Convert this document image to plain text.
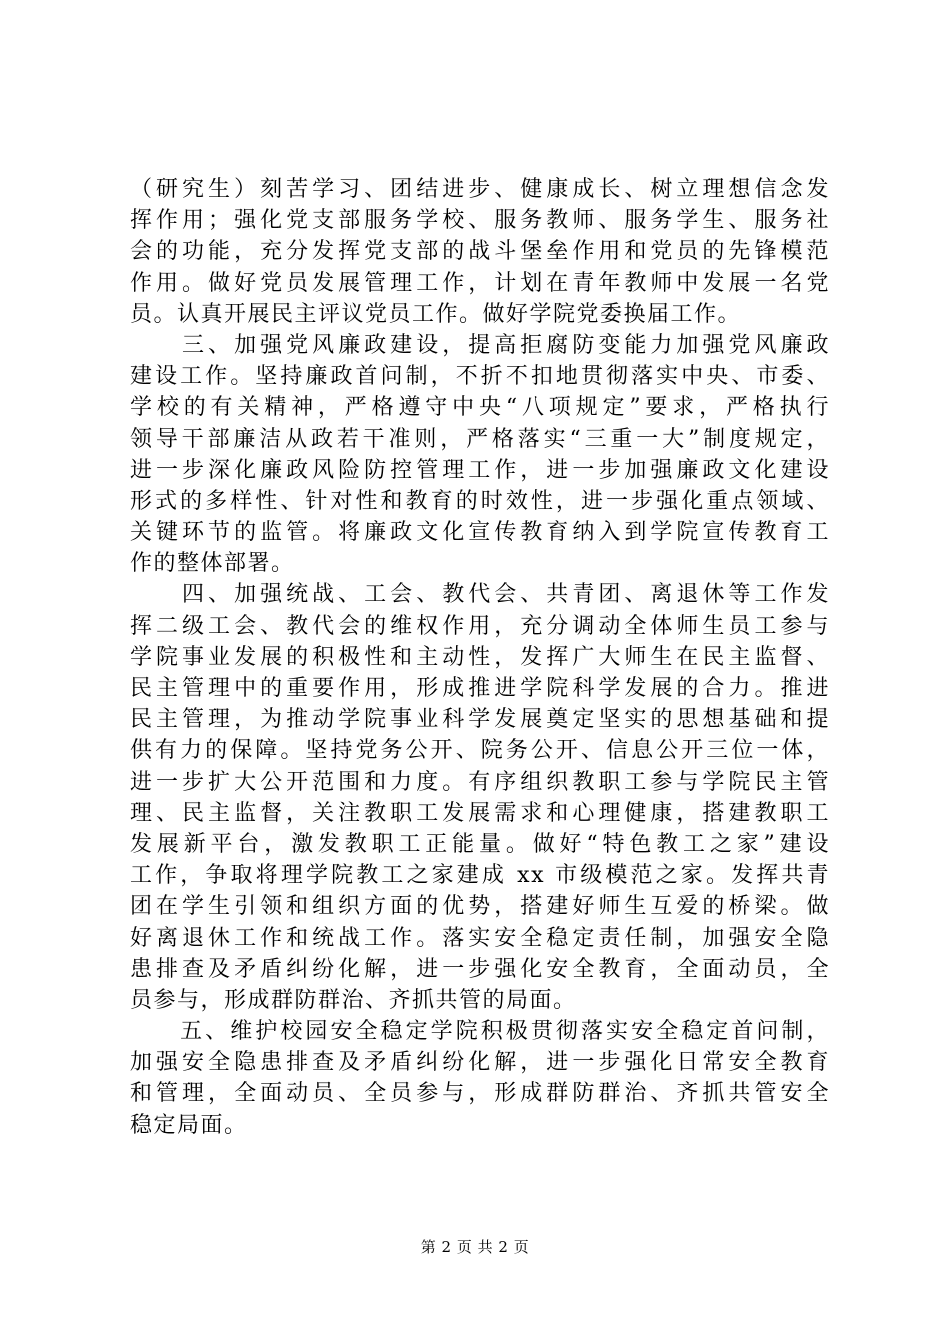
（研究生）刻苦学习、团结进步、健康成长、树立理想信念发
挥作用；强化党支部服务学校、服务教师、服务学生、服务社
会的功能，充分发挥党支部的战斗堡垒作用和党员的先锋模范
作用。做好党员发展管理工作，计划在青年教师中发展一名党
员。认真开展民主评议党员工作。做好学院党委换届工作。
　　三、加强党风廉政建设，提高拒腐防变能力加强党风廉政
建设工作。坚持廉政首问制，不折不扣地贯彻落实中央、市委、
学校的有关精神，严格遵守中央“八项规定”要求，严格执行
领导干部廉洁从政若干准则，严格落实“三重一大”制度规定，
进一步深化廉政风险防控管理工作，进一步加强廉政文化建设
形式的多样性、针对性和教育的时效性，进一步强化重点领域、
关键环节的监管。将廉政文化宣传教育纳入到学院宣传教育工
作的整体部署。
　　四、加强统战、工会、教代会、共青团、离退休等工作发
挥二级工会、教代会的维权作用，充分调动全体师生员工参与
学院事业发展的积极性和主动性，发挥广大师生在民主监督、
民主管理中的重要作用，形成推进学院科学发展的合力。推进
民主管理，为推动学院事业科学发展奠定坚实的思想基础和提
供有力的保障。坚持党务公开、院务公开、信息公开三位一体，
进一步扩大公开范围和力度。有序组织教职工参与学院民主管
理、民主监督，关注教职工发展需求和心理健康，搭建教职工
发展新平台，激发教职工正能量。做好“特色教工之家”建设
工作，争取将理学院教工之家建成 xx 市级模范之家。发挥共青
团在学生引领和组织方面的优势，搭建好师生互爱的桥梁。做
好离退休工作和统战工作。落实安全稳定责任制，加强安全隐
患排查及矛盾纠纷化解，进一步强化安全教育，全面动员，全
员参与，形成群防群治、齐抓共管的局面。
　　五、维护校园安全稳定学院积极贯彻落实安全稳定首问制，
加强安全隐患排查及矛盾纠纷化解，进一步强化日常安全教育
和管理，全面动员、全员参与，形成群防群治、齐抓共管安全
稳定局面。
第 2 页 共 2 页
